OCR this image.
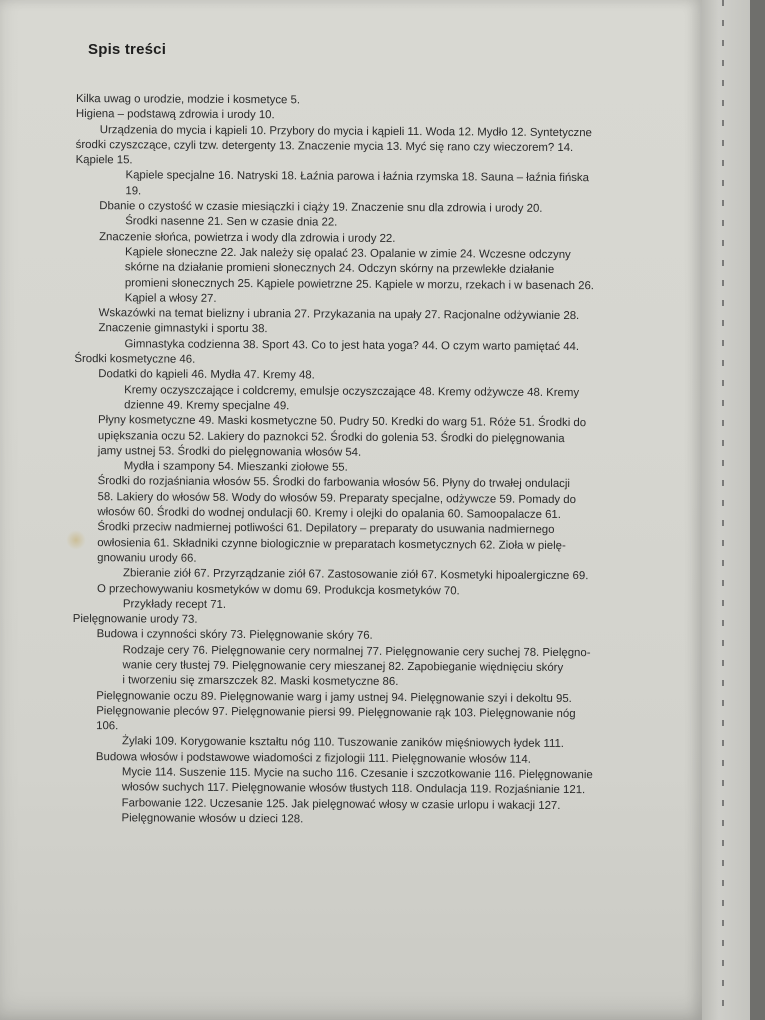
Spis treści
Kilka uwag o urodzie, modzie i kosmetyce 5.
Higiena – podstawą zdrowia i urody 10.
Urządzenia do mycia i kąpieli 10. Przybory do mycia i kąpieli 11. Woda 12. Mydło 12. Syntetyczne
środki czyszczące, czyli tzw. detergenty 13. Znaczenie mycia 13. Myć się rano czy wieczorem? 14.
Kąpiele 15.
Kąpiele specjalne 16. Natryski 18. Łaźnia parowa i łaźnia rzymska 18. Sauna – łaźnia fińska
19.
Dbanie o czystość w czasie miesiączki i ciąży 19. Znaczenie snu dla zdrowia i urody 20.
Środki nasenne 21. Sen w czasie dnia 22.
Znaczenie słońca, powietrza i wody dla zdrowia i urody 22.
Kąpiele słoneczne 22. Jak należy się opalać 23. Opalanie w zimie 24. Wczesne odczyny
skórne na działanie promieni słonecznych 24. Odczyn skórny na przewlekłe działanie
promieni słonecznych 25. Kąpiele powietrzne 25. Kąpiele w morzu, rzekach i w basenach 26.
Kąpiel a włosy 27.
Wskazówki na temat bielizny i ubrania 27. Przykazania na upały 27. Racjonalne odżywianie 28.
Znaczenie gimnastyki i sportu 38.
Gimnastyka codzienna 38. Sport 43. Co to jest hata yoga? 44. O czym warto pamiętać 44.
Środki kosmetyczne 46.
Dodatki do kąpieli 46. Mydła 47. Kremy 48.
Kremy oczyszczające i coldcremy, emulsje oczyszczające 48. Kremy odżywcze 48. Kremy
dzienne 49. Kremy specjalne 49.
Płyny kosmetyczne 49. Maski kosmetyczne 50. Pudry 50. Kredki do warg 51. Róże 51. Środki do
upiększania oczu 52. Lakiery do paznokci 52. Środki do golenia 53. Środki do pielęgnowania
jamy ustnej 53. Środki do pielęgnowania włosów 54.
Mydła i szampony 54. Mieszanki ziołowe 55.
Środki do rozjaśniania włosów 55. Środki do farbowania włosów 56. Płyny do trwałej ondulacji
58. Lakiery do włosów 58. Wody do włosów 59. Preparaty specjalne, odżywcze 59. Pomady do
włosów 60. Środki do wodnej ondulacji 60. Kremy i olejki do opalania 60. Samoopalacze 61.
Środki przeciw nadmiernej potliwości 61. Depilatory – preparaty do usuwania nadmiernego
owłosienia 61. Składniki czynne biologicznie w preparatach kosmetycznych 62. Zioła w pielę-
gnowaniu urody 66.
Zbieranie ziół 67. Przyrządzanie ziół 67. Zastosowanie ziół 67. Kosmetyki hipoalergiczne 69.
O przechowywaniu kosmetyków w domu 69. Produkcja kosmetyków 70.
Przykłady recept 71.
Pielęgnowanie urody 73.
Budowa i czynności skóry 73. Pielęgnowanie skóry 76.
Rodzaje cery 76. Pielęgnowanie cery normalnej 77. Pielęgnowanie cery suchej 78. Pielęgno-
wanie cery tłustej 79. Pielęgnowanie cery mieszanej 82. Zapobieganie więdnięciu skóry
i tworzeniu się zmarszczek 82. Maski kosmetyczne 86.
Pielęgnowanie oczu 89. Pielęgnowanie warg i jamy ustnej 94. Pielęgnowanie szyi i dekoltu 95.
Pielęgnowanie pleców 97. Pielęgnowanie piersi 99. Pielęgnowanie rąk 103. Pielęgnowanie nóg
106.
Żylaki 109. Korygowanie kształtu nóg 110. Tuszowanie zaników mięśniowych łydek 111.
Budowa włosów i podstawowe wiadomości z fizjologii 111. Pielęgnowanie włosów 114.
Mycie 114. Suszenie 115. Mycie na sucho 116. Czesanie i szczotkowanie 116. Pielęgnowanie
włosów suchych 117. Pielęgnowanie włosów tłustych 118. Ondulacja 119. Rozjaśnianie 121.
Farbowanie 122. Uczesanie 125. Jak pielęgnować włosy w czasie urlopu i wakacji 127.
Pielęgnowanie włosów u dzieci 128.
